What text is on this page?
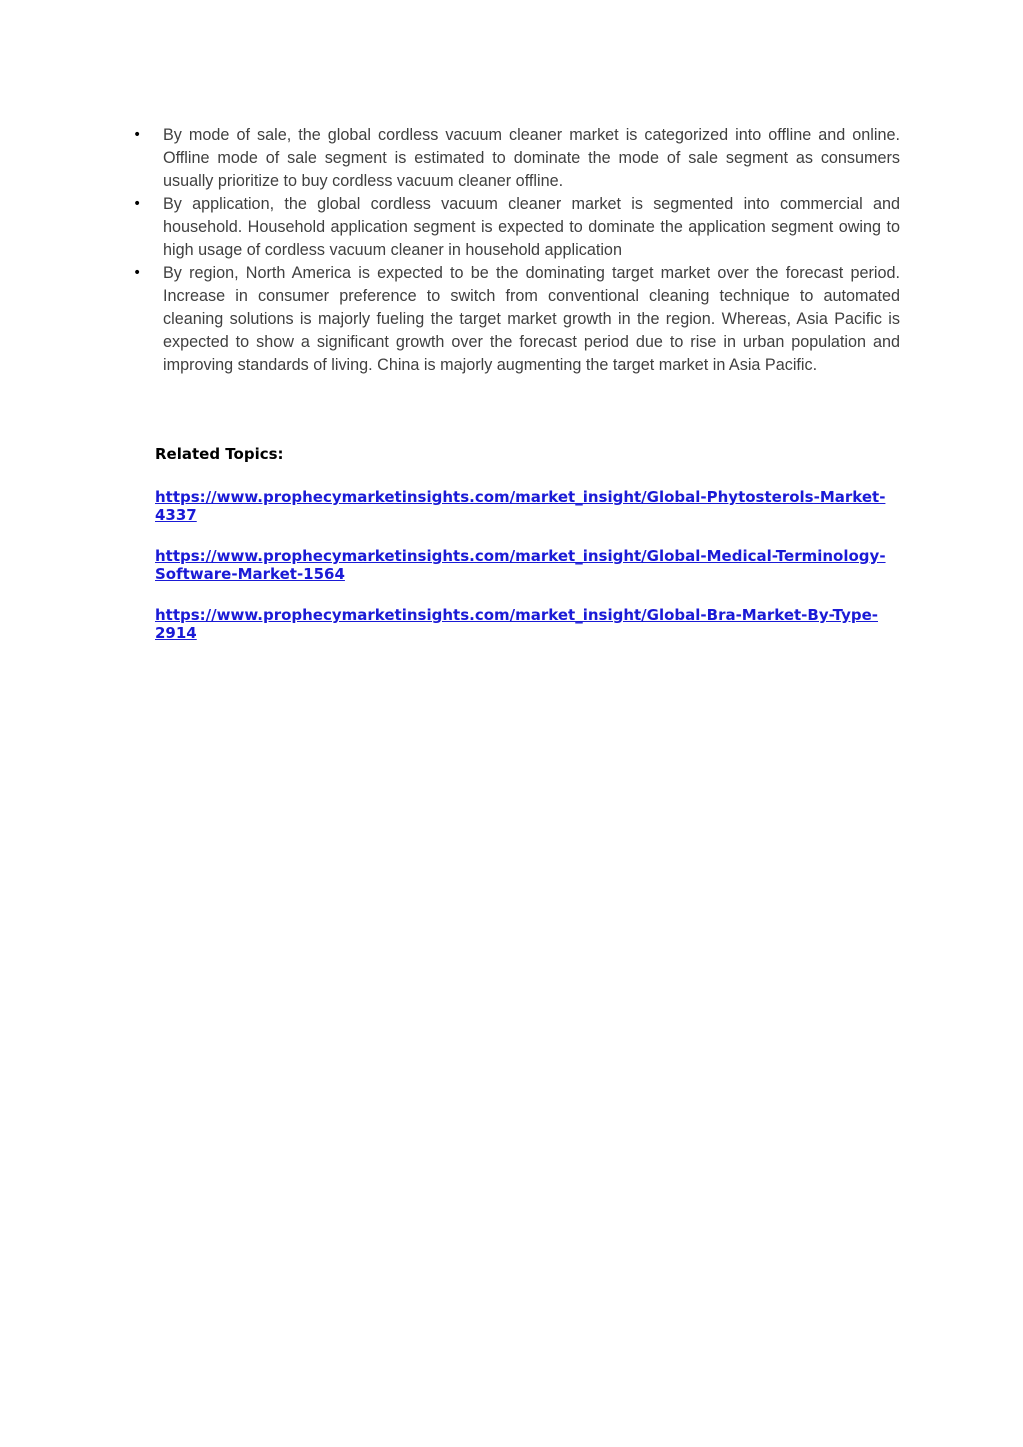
• By mode of sale, the global cordless vacuum cleaner market is categorized into offline and online. Offline mode of sale segment is estimated to dominate the mode of sale segment as consumers usually prioritize to buy cordless vacuum cleaner offline.
• By application, the global cordless vacuum cleaner market is segmented into commercial and household. Household application segment is expected to dominate the application segment owing to high usage of cordless vacuum cleaner in household application
• By region, North America is expected to be the dominating target market over the forecast period. Increase in consumer preference to switch from conventional cleaning technique to automated cleaning solutions is majorly fueling the target market growth in the region. Whereas, Asia Pacific is expected to show a significant growth over the forecast period due to rise in urban population and improving standards of living. China is majorly augmenting the target market in Asia Pacific.

Related Topics:

https://www.prophecymarketinsights.com/market_insight/Global-Phytosterols-Market-
4337
https://www.prophecymarketinsights.com/market_insight/Global-Medical-Terminology-
Software-Market-1564
https://www.prophecymarketinsights.com/market_insight/Global-Bra-Market-By-Type-
2914
